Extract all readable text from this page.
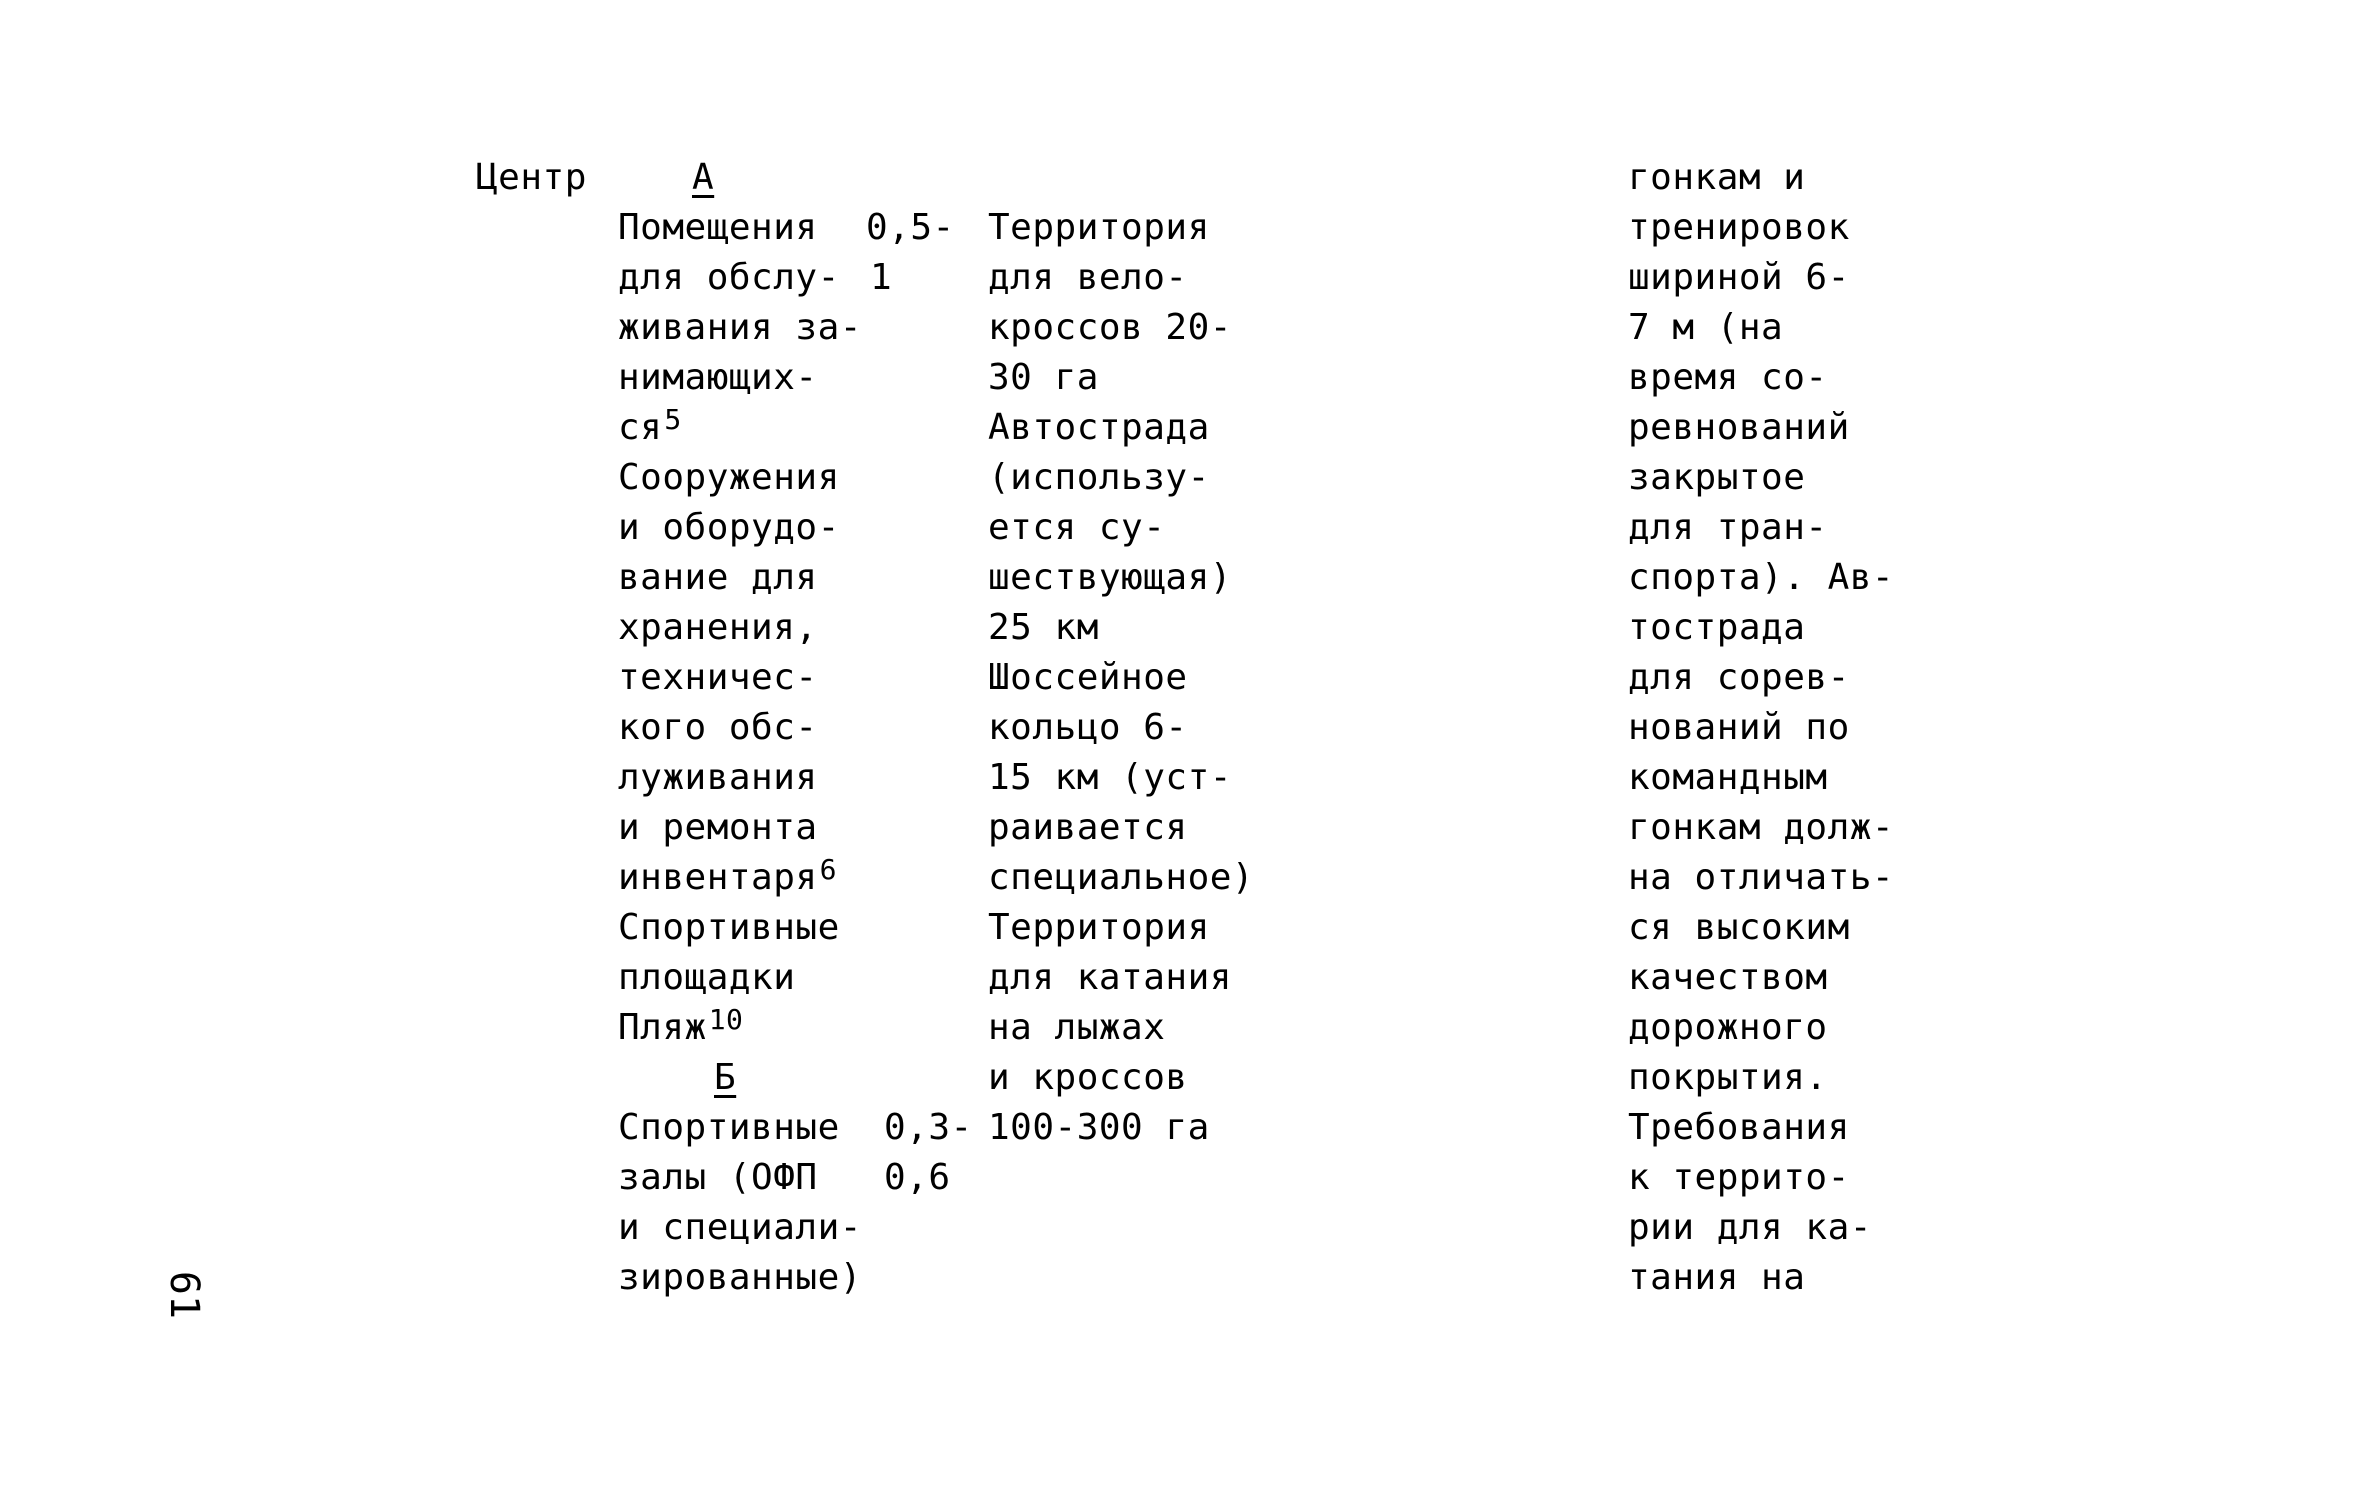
Центр	А
Помещения
для обслу-
живания за-
нимающих-
$ся^5$
Сооружения
и оборудо-
вание для
хранения,
техничес-
кого обс-
луживания
и ремонта
инвентаря$^6$
Спортивные
площадки
Пляж$^{10}$
Б
Спортивные
залы (ОФП
и специали-
зированные)
0,5-
1
0,3-
0,6
Территория
для вело-
кроссов 20-
30 га
Автострада
(использу-
ется су-
шествующая)
25 км
Шоссейное
кольцо 6-
15 км (уст-
раивается
специальное)
Территория
для катания
на лыжах
и кроссов
100-300 га
гонкам и
тренировок
шириной 6-
7 м (на
время со-
ревнований
закрытое
для тран-
спорта). Ав-
тострада
для сорев-
нований по
командным
гонкам долж-
на отличать-
ся высоким
качеством
дорожного
покрытия.
Требования
к террито-
рии для ка-
тания на
61
